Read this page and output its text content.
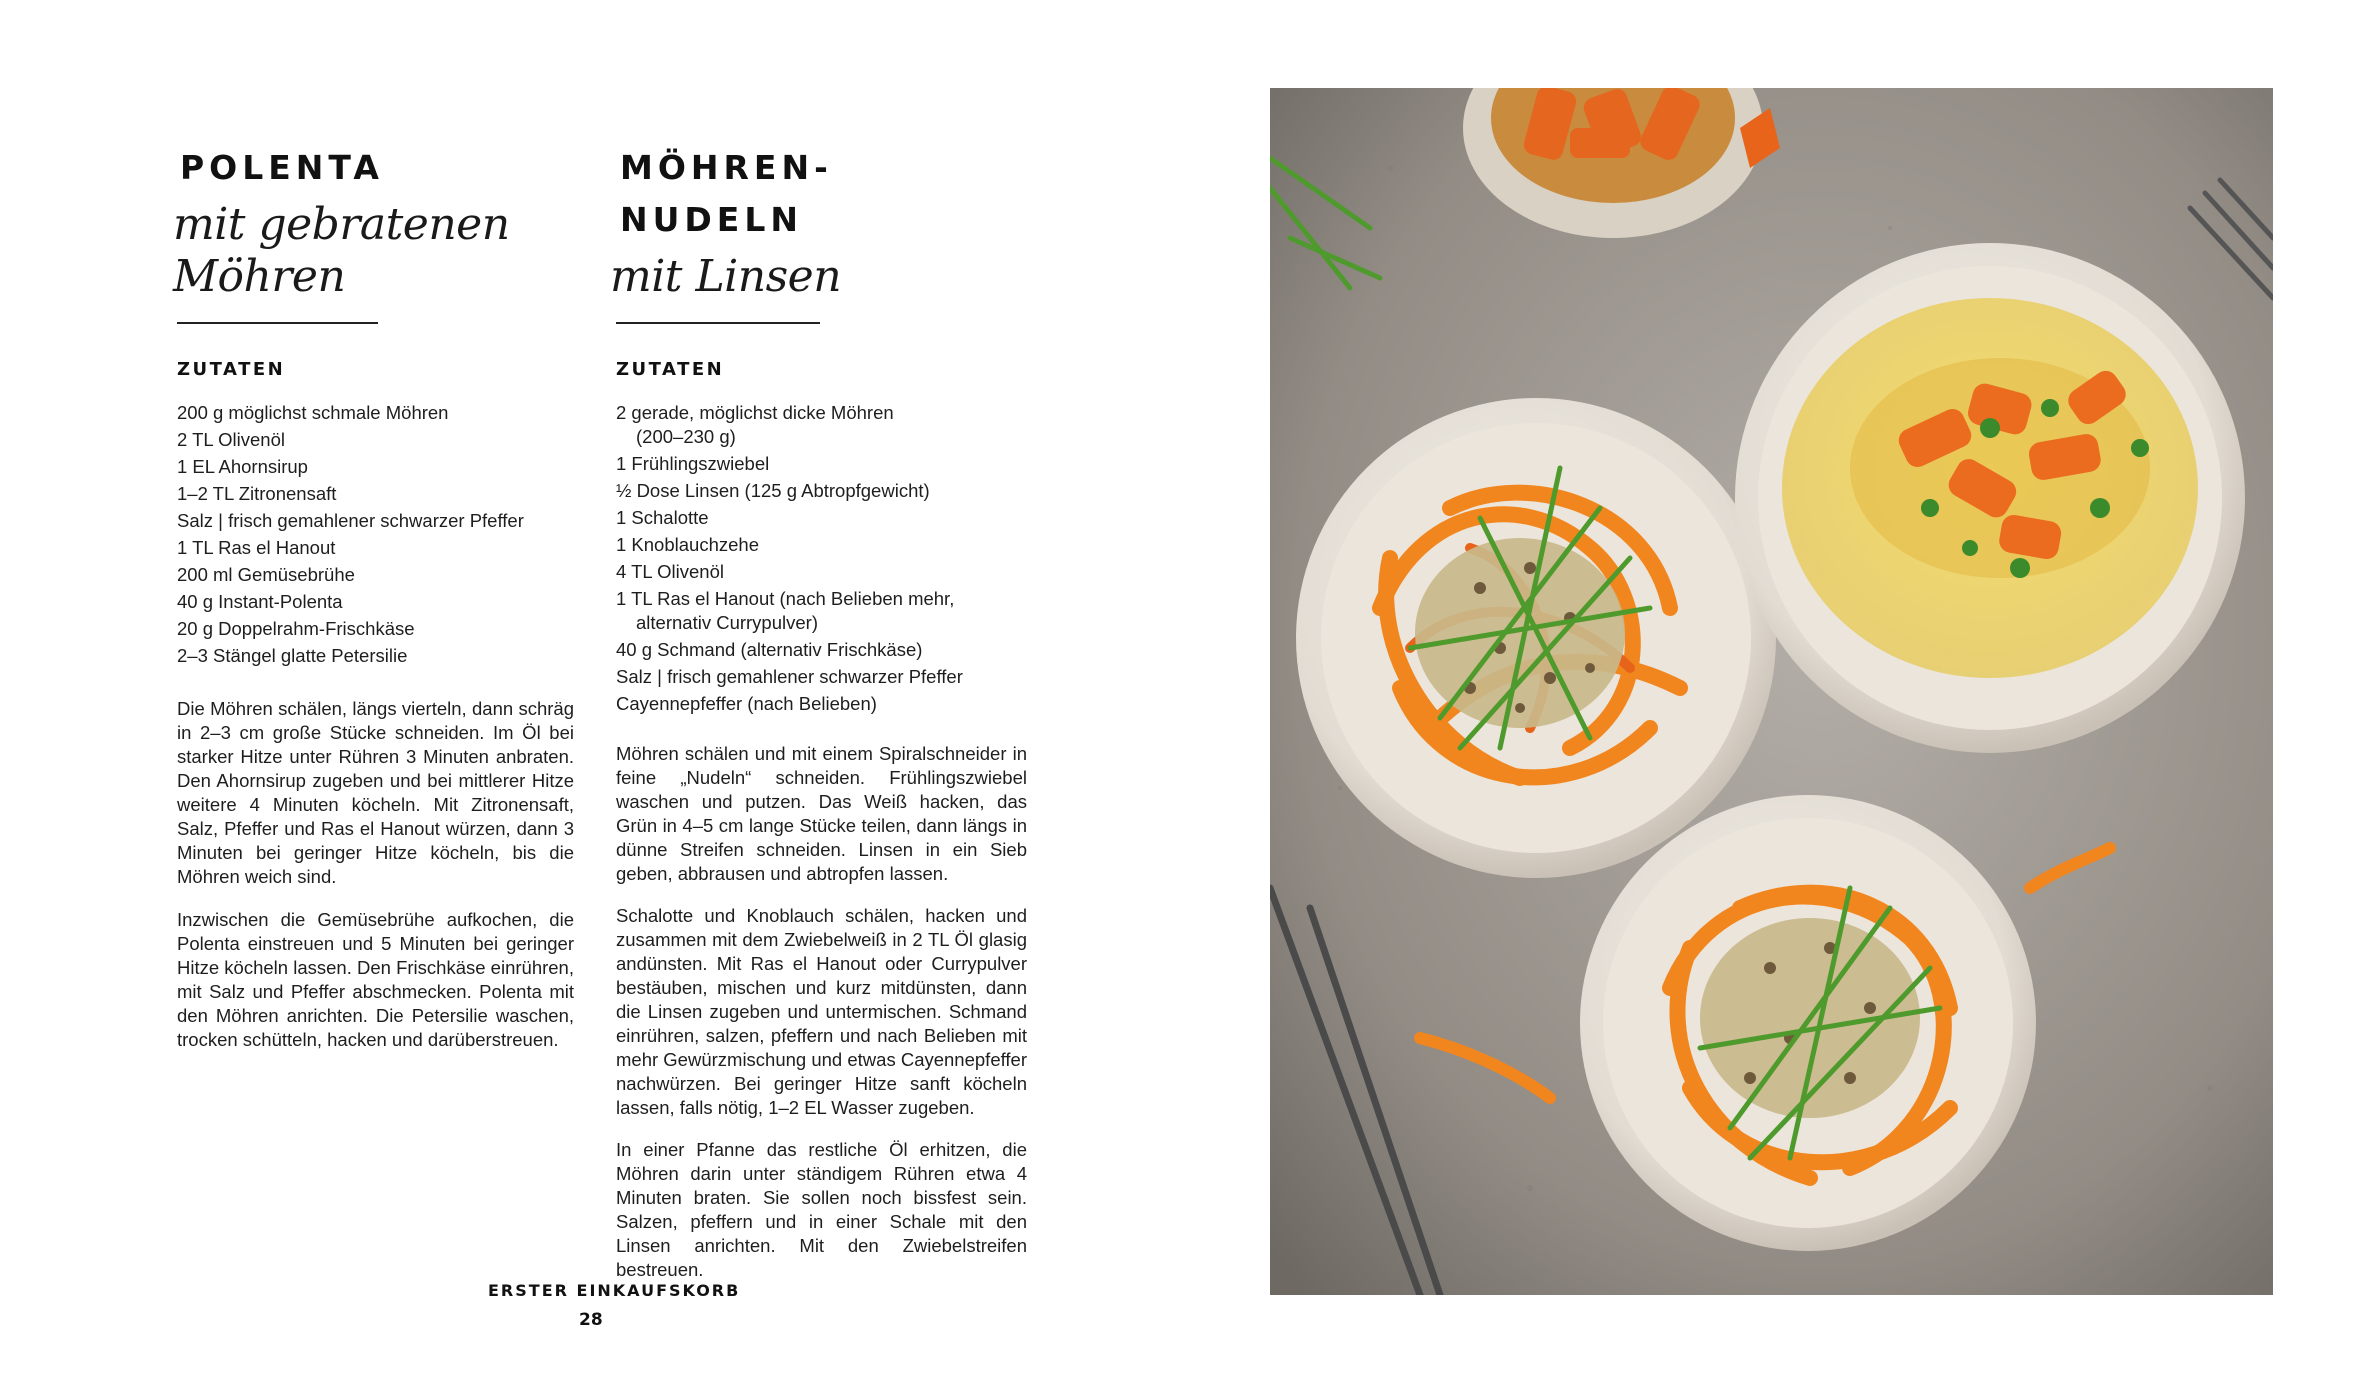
POLENTA
mit gebratenen
Möhren
ZUTATEN
200 g möglichst schmale Möhren
2 TL Olivenöl
1 EL Ahornsirup
1–2 TL Zitronensaft
Salz | frisch gemahlener schwarzer Pfeffer
1 TL Ras el Hanout
200 ml Gemüsebrühe
40 g Instant-Polenta
20 g Doppelrahm-Frischkäse
2–3 Stängel glatte Petersilie

Die Möhren schälen, längs vierteln, dann schräg in 2–3 cm große Stücke schneiden. Im Öl bei starker Hitze unter Rühren 3 Minuten anbraten. Den Ahornsirup zugeben und bei mittlerer Hitze weitere 4 Minuten köcheln. Mit Zitronensaft, Salz, Pfeffer und Ras el Hanout würzen, dann 3 Minuten bei geringer Hitze köcheln, bis die Möhren weich sind.

Inzwischen die Gemüsebrühe aufkochen, die Polenta einstreuen und 5 Minuten bei geringer Hitze köcheln lassen. Den Frischkäse einrühren, mit Salz und Pfeffer abschmecken. Polenta mit den Möhren anrichten. Die Petersilie waschen, trocken schütteln, hacken und darüberstreuen.

MÖHREN-
NUDELN
mit Linsen
ZUTATEN
2 gerade, möglichst dicke Möhren
(200–230 g)
1 Frühlingszwiebel
½ Dose Linsen (125 g Abtropfgewicht)
1 Schalotte
1 Knoblauchzehe
4 TL Olivenöl
1 TL Ras el Hanout (nach Belieben mehr,
alternativ Currypulver)
40 g Schmand (alternativ Frischkäse)
Salz | frisch gemahlener schwarzer Pfeffer
Cayennepfeffer (nach Belieben)

Möhren schälen und mit einem Spiralschneider in feine „Nudeln“ schneiden. Frühlingszwiebel waschen und putzen. Das Weiß hacken, das Grün in 4–5 cm lange Stücke teilen, dann längs in dünne Streifen schneiden. Linsen in ein Sieb geben, abbrausen und abtropfen lassen.

Schalotte und Knoblauch schälen, hacken und zusammen mit dem Zwiebelweiß in 2 TL Öl glasig andünsten. Mit Ras el Hanout oder Currypulver bestäuben, mischen und kurz mitdünsten, dann die Linsen zugeben und untermischen. Schmand einrühren, salzen, pfeffern und nach Belieben mit mehr Gewürzmischung und etwas Cayennepfeffer nachwürzen. Bei geringer Hitze sanft köcheln lassen, falls nötig, 1–2 EL Wasser zugeben.

In einer Pfanne das restliche Öl erhitzen, die Möhren darin unter ständigem Rühren etwa 4 Minuten braten. Sie sollen noch bissfest sein. Salzen, pfeffern und in einer Schale mit den Linsen anrichten. Mit den Zwiebelstreifen bestreuen.

ERSTER EINKAUFSKORB
28
